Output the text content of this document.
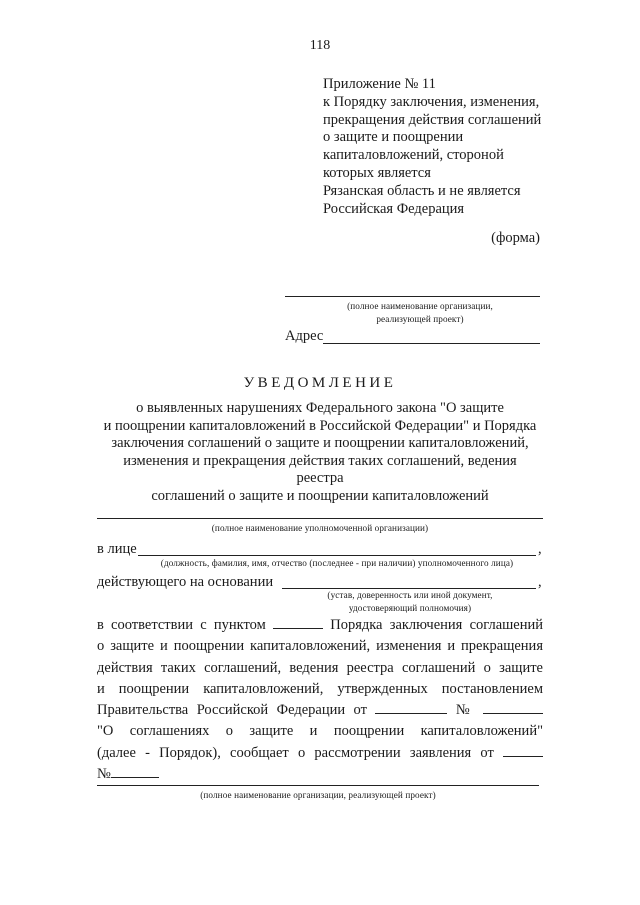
118
Приложение № 11
к Порядку заключения, изменения,
прекращения действия соглашений
о защите и поощрении
капиталовложений, стороной
которых является
Рязанская область и не является
Российская Федерация
(форма)
(полное наименование организации,
реализующей проект)
Адрес
УВЕДОМЛЕНИЕ
о выявленных нарушениях Федерального закона "О защите
и поощрении капиталовложений в Российской Федерации" и Порядка
заключения соглашений о защите и поощрении капиталовложений,
изменения и прекращения действия таких соглашений, ведения реестра
соглашений о защите и поощрении капиталовложений
(полное наименование уполномоченной организации)
в лице	,
(должность, фамилия, имя, отчество (последнее - при наличии) уполномоченного лица)
действующего на основании	,
(устав, доверенность или иной документ,
удостоверяющий полномочия)
в соответствии с пунктом	Порядка заключения соглашений
о защите и поощрении капиталовложений, изменения и прекращения
действия таких соглашений, ведения реестра соглашений о защите
и поощрении капиталовложений, утвержденных постановлением
Правительства Российской Федерации от	№
"О соглашениях о защите и поощрении капиталовложений"
(далее - Порядок), сообщает о рассмотрении заявления от
№
(полное наименование организации, реализующей проект)
